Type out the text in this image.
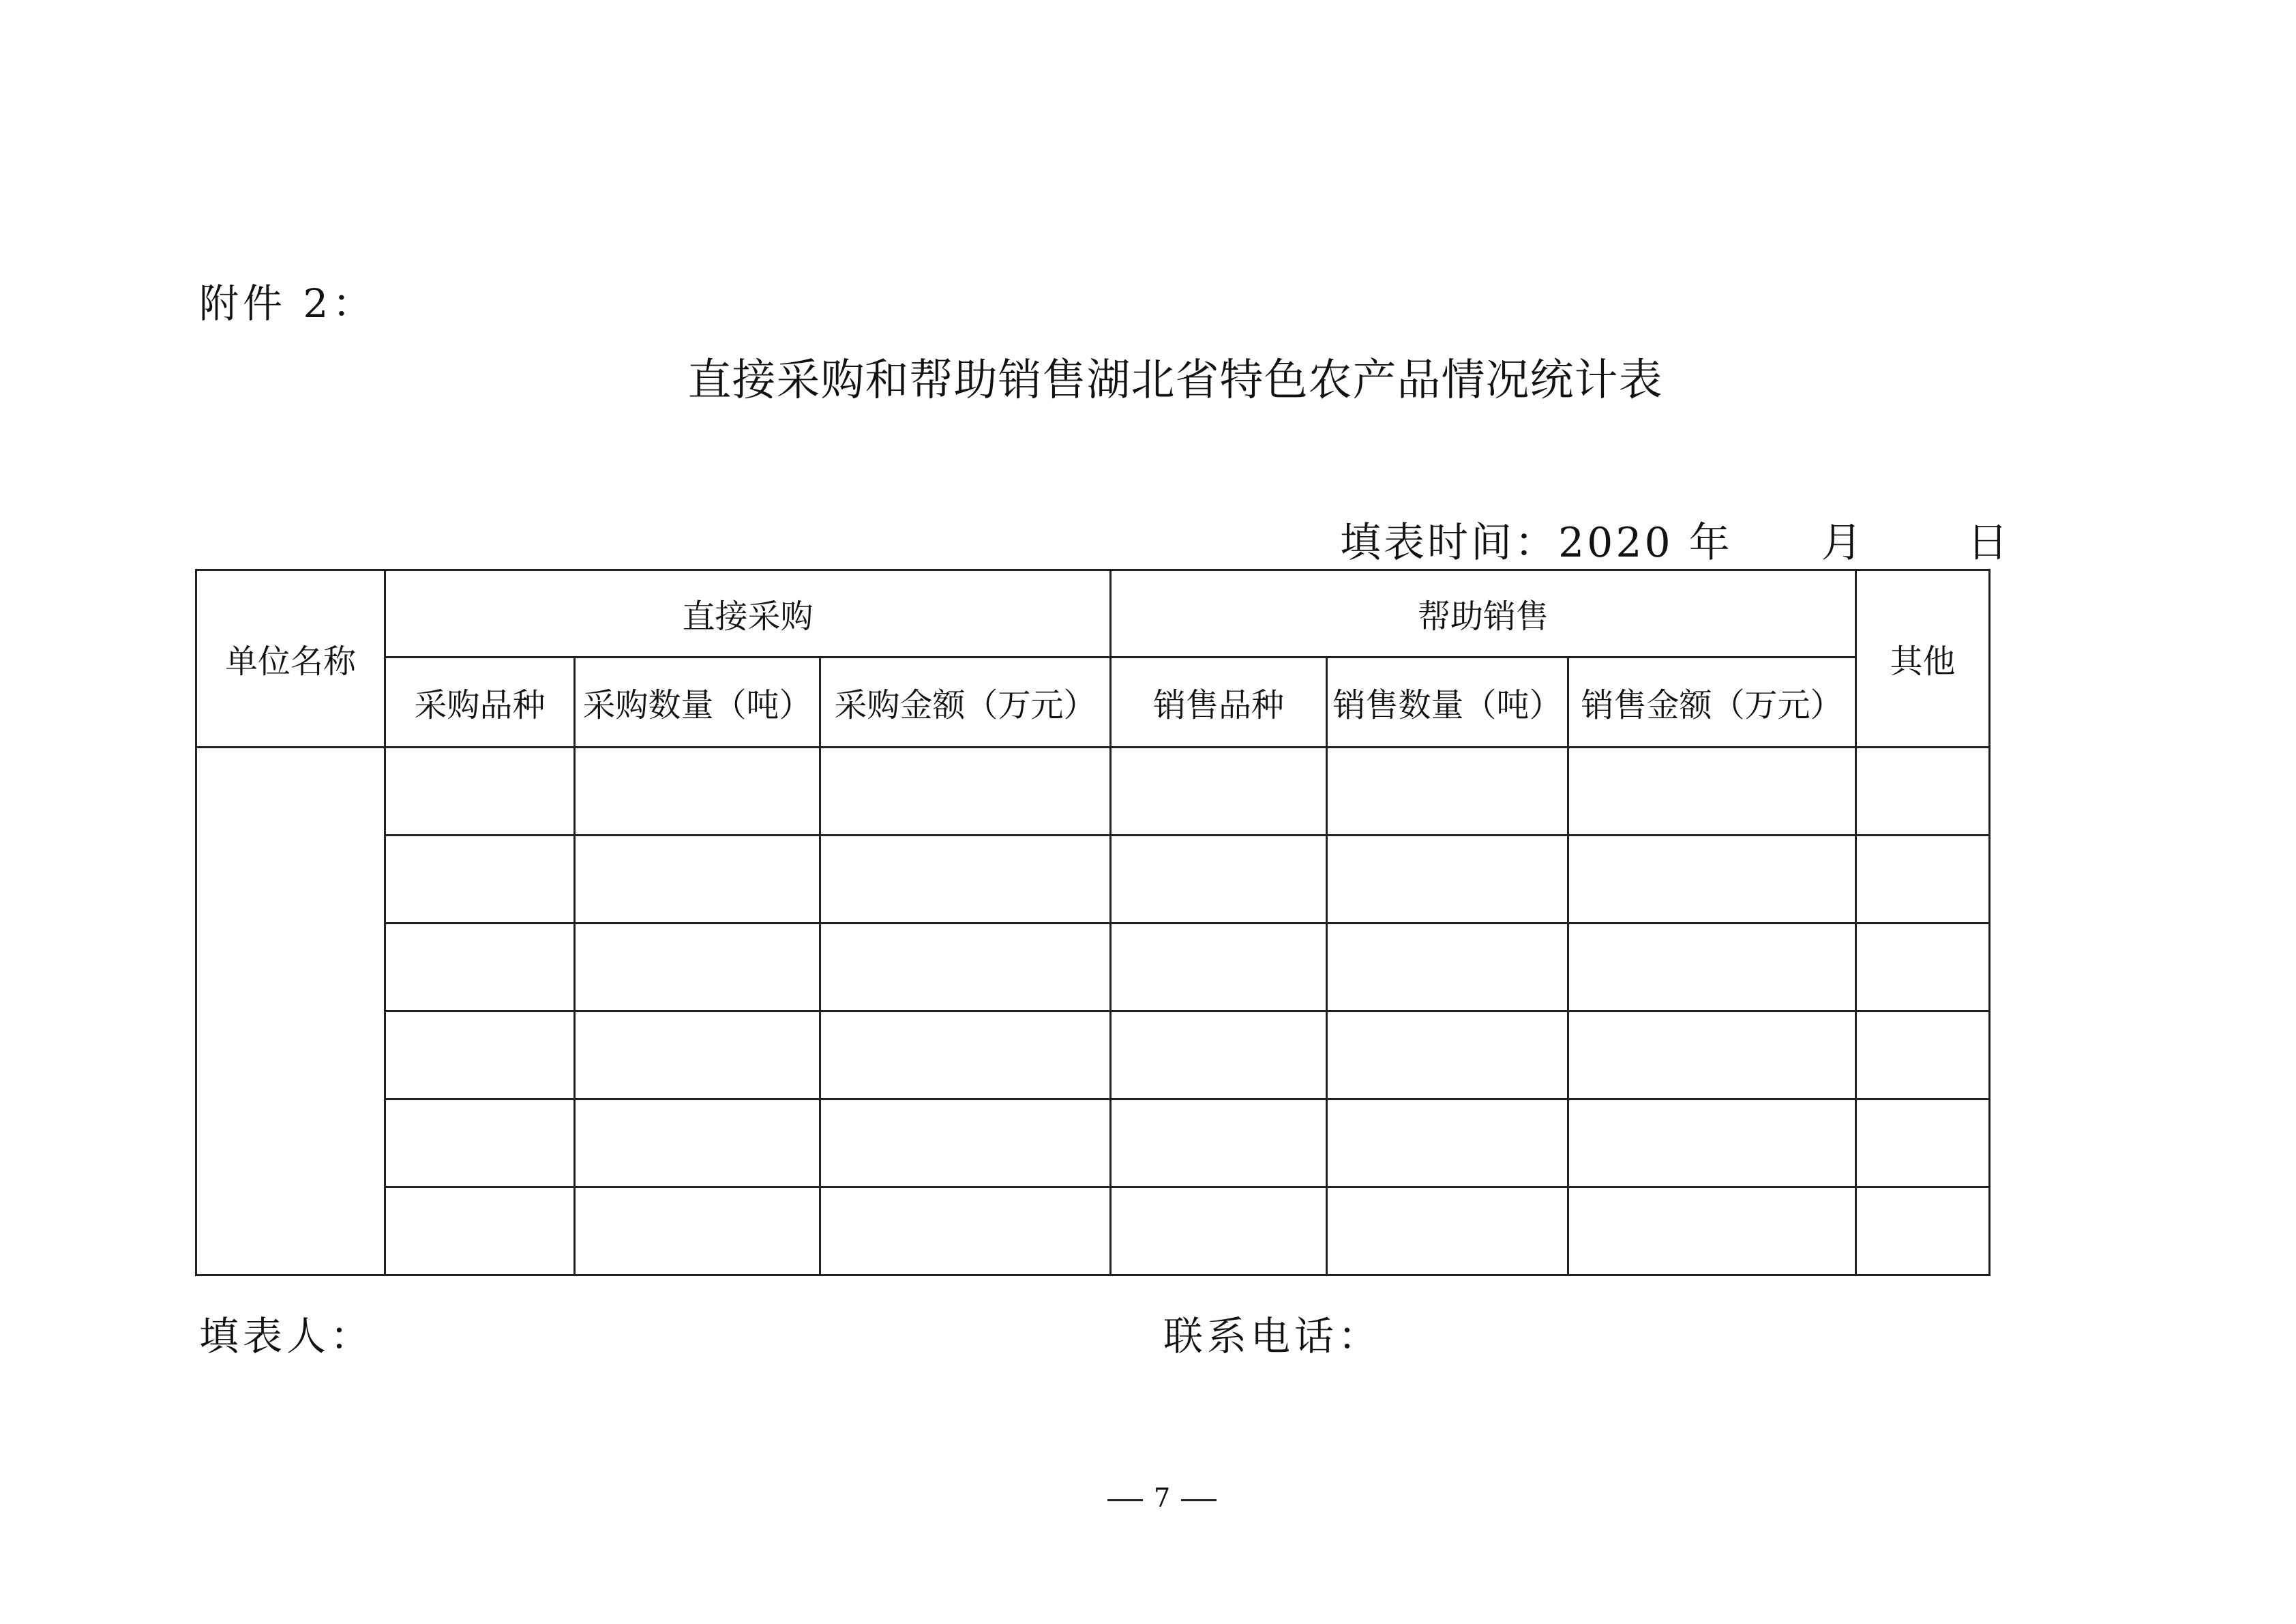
附件 2：
直接采购和帮助销售湖北省特色农产品情况统计表
填表时间：2020 年 月	日
单位名称	直接采购			帮助销售			其他
	采购品种	采购数量（吨）	采购金额（万元）	销售品种	销售数量（吨）	销售金额（万元）	

填表人：	联系电话：
7
